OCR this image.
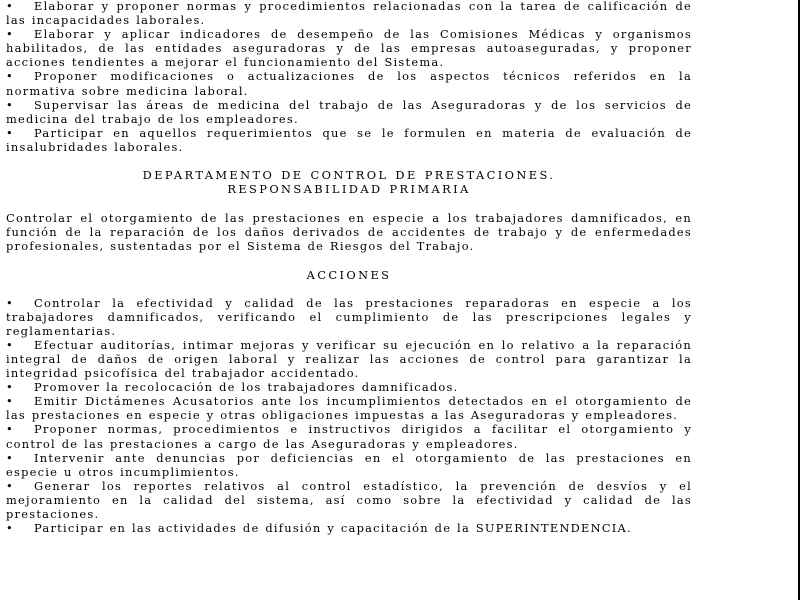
• Elaborar y proponer normas y procedimientos relacionadas con la tarea de calificación de las incapacidades laborales.

• Elaborar y aplicar indicadores de desempeño de las Comisiones Médicas y organismos habilitados, de las entidades aseguradoras y de las empresas autoaseguradas, y proponer acciones tendientes a mejorar el funcionamiento del Sistema.

• Proponer modificaciones o actualizaciones de los aspectos técnicos referidos en la normativa sobre medicina laboral.

• Supervisar las áreas de medicina del trabajo de las Aseguradoras y de los servicios de medicina del trabajo de los empleadores.

• Participar en aquellos requerimientos que se le formulen en materia de evaluación de insalubridades laborales.

DEPARTAMENTO DE CONTROL DE PRESTACIONES.

RESPONSABILIDAD PRIMARIA

Controlar el otorgamiento de las prestaciones en especie a los trabajadores damnificados, en función de la reparación de los daños derivados de accidentes de trabajo y de enfermedades profesionales, sustentadas por el Sistema de Riesgos del Trabajo.

ACCIONES

• Controlar la efectividad y calidad de las prestaciones reparadoras en especie a los trabajadores damnificados, verificando el cumplimiento de las prescripciones legales y reglamentarias.

• Efectuar auditorías, intimar mejoras y verificar su ejecución en lo relativo a la reparación integral de daños de origen laboral y realizar las acciones de control para garantizar la integridad psicofísica del trabajador accidentado.

• Promover la recolocación de los trabajadores damnificados.

• Emitir Dictámenes Acusatorios ante los incumplimientos detectados en el otorgamiento de las prestaciones en especie y otras obligaciones impuestas a las Aseguradoras y empleadores.

• Proponer normas, procedimientos e instructivos dirigidos a facilitar el otorgamiento y control de las prestaciones a cargo de las Aseguradoras y empleadores.

• Intervenir ante denuncias por deficiencias en el otorgamiento de las prestaciones en especie u otros incumplimientos.

• Generar los reportes relativos al control estadístico, la prevención de desvíos y el mejoramiento en la calidad del sistema, así como sobre la efectividad y calidad de las prestaciones.

• Participar en las actividades de difusión y capacitación de la SUPERINTENDENCIA.
